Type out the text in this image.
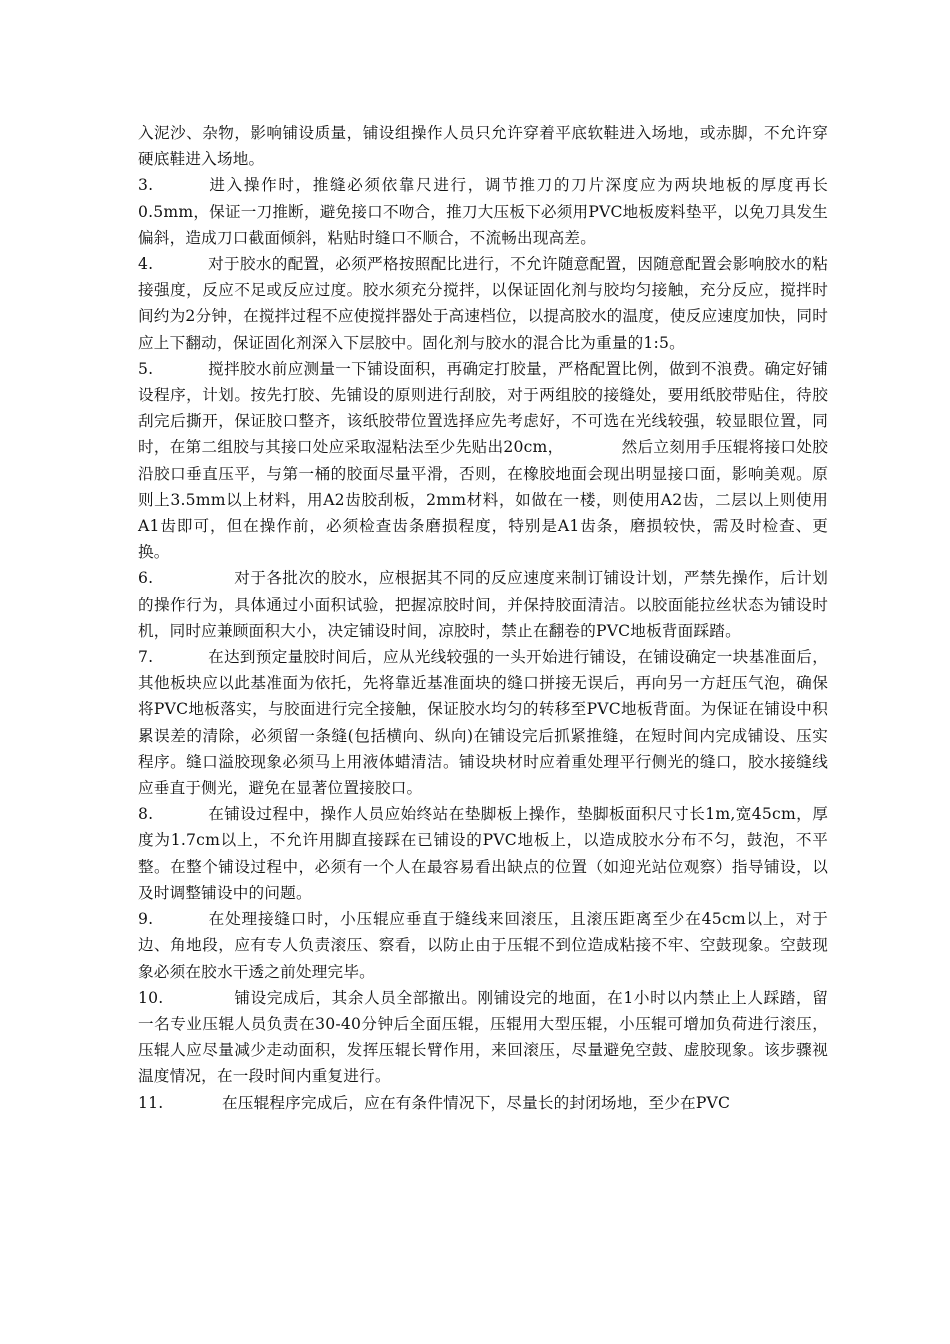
入泥沙、杂物，影响铺设质量，铺设组操作人员只允许穿着平底软鞋进入场地，或赤脚，不允许穿硬底鞋进入场地。

3.	进入操作时，推缝必须依靠尺进行，调节推刀的刀片深度应为两块地板的厚度再长0.5mm，保证一刀推断，避免接口不吻合，推刀大压板下必须用PVC地板废料垫平，以免刀具发生偏斜，造成刀口截面倾斜，粘贴时缝口不顺合，不流畅出现高差。

4.	对于胶水的配置，必须严格按照配比进行，不允许随意配置，因随意配置会影响胶水的粘接强度，反应不足或反应过度。胶水须充分搅拌，以保证固化剂与胶均匀接触，充分反应，搅拌时间约为2分钟，在搅拌过程不应使搅拌器处于高速档位，以提高胶水的温度，使反应速度加快，同时应上下翻动，保证固化剂深入下层胶中。固化剂与胶水的混合比为重量的1:5。

5.	搅拌胶水前应测量一下铺设面积，再确定打胶量，严格配置比例，做到不浪费。确定好铺设程序，计划。按先打胶、先铺设的原则进行刮胶，对于两组胶的接缝处，要用纸胶带贴住，待胶刮完后撕开，保证胶口整齐，该纸胶带位置选择应先考虑好，不可选在光线较强，较显眼位置，同时，在第二组胶与其接口处应采取湿粘法至少先贴出20cm，	然后立刻用手压辊将接口处胶沿胶口垂直压平，与第一桶的胶面尽量平滑，否则，在橡胶地面会现出明显接口面，影响美观。原则上3.5mm以上材料，用A2齿胶刮板，2mm材料，如做在一楼，则使用A2齿，二层以上则使用A1齿即可，但在操作前，必须检查齿条磨损程度，特别是A1齿条，磨损较快，需及时检查、更换。

6.	对于各批次的胶水，应根据其不同的反应速度来制订铺设计划，严禁先操作，后计划的操作行为，具体通过小面积试验，把握凉胶时间，并保持胶面清洁。以胶面能拉丝状态为铺设时机，同时应兼顾面积大小，决定铺设时间，凉胶时，禁止在翻卷的PVC地板背面踩踏。

7.	在达到预定量胶时间后，应从光线较强的一头开始进行铺设，在铺设确定一块基准面后，其他板块应以此基准面为依托，先将靠近基准面块的缝口拼接无误后，再向另一方赶压气泡，确保将PVC地板落实，与胶面进行完全接触，保证胶水均匀的转移至PVC地板背面。为保证在铺设中积累误差的清除，必须留一条缝(包括横向、纵向)在铺设完后抓紧推缝，在短时间内完成铺设、压实程序。缝口溢胶现象必须马上用液体蜡清洁。铺设块材时应着重处理平行侧光的缝口，胶水接缝线应垂直于侧光，避免在显著位置接胶口。

8.	在铺设过程中，操作人员应始终站在垫脚板上操作，垫脚板面积尺寸长1m,宽45cm，厚度为1.7cm以上，不允许用脚直接踩在已铺设的PVC地板上，以造成胶水分布不匀，鼓泡，不平整。在整个铺设过程中，必须有一个人在最容易看出缺点的位置（如迎光站位观察）指导铺设，以及时调整铺设中的问题。

9.	在处理接缝口时，小压辊应垂直于缝线来回滚压，且滚压距离至少在45cm以上，对于边、角地段，应有专人负责滚压、察看，以防止由于压辊不到位造成粘接不牢、空鼓现象。空鼓现象必须在胶水干透之前处理完毕。

10.	铺设完成后，其余人员全部撤出。刚铺设完的地面，在1小时以内禁止上人踩踏，留一名专业压辊人员负责在30-40分钟后全面压辊，压辊用大型压辊，小压辊可增加负荷进行滚压，压辊人应尽量减少走动面积，发挥压辊长臂作用，来回滚压，尽量避免空鼓、虚胶现象。该步骤视温度情况，在一段时间内重复进行。

11.	在压辊程序完成后，应在有条件情况下，尽量长的封闭场地，至少在PVC
